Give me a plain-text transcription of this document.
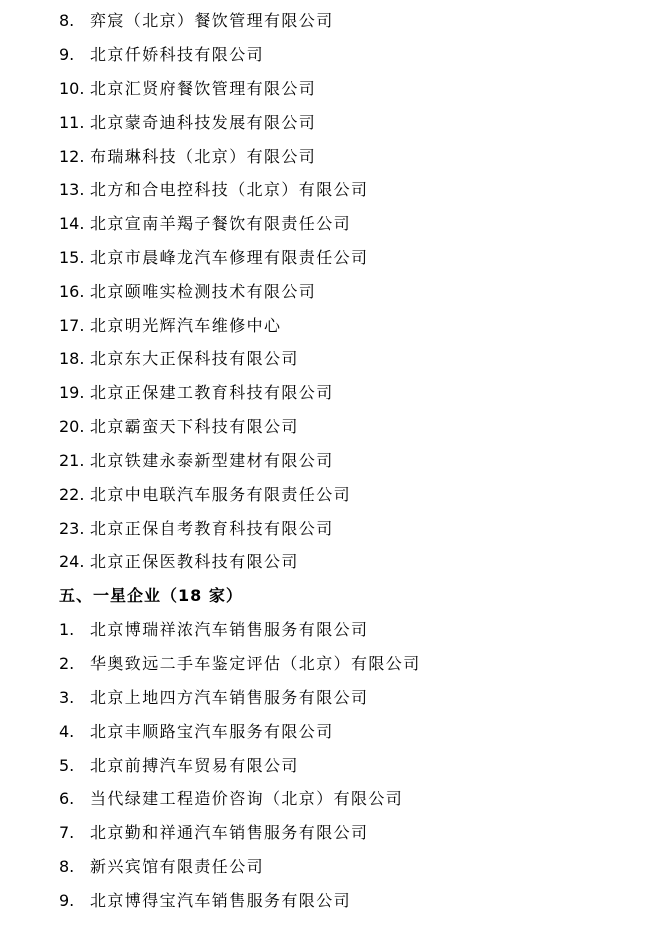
8. 弈宸（北京）餐饮管理有限公司
9. 北京仟娇科技有限公司
10. 北京汇贤府餐饮管理有限公司
11. 北京蒙奇迪科技发展有限公司
12. 布瑞琳科技（北京）有限公司
13. 北方和合电控科技（北京）有限公司
14. 北京宣南羊羯子餐饮有限责任公司
15. 北京市晨峰龙汽车修理有限责任公司
16. 北京颐唯实检测技术有限公司
17. 北京明光辉汽车维修中心
18. 北京东大正保科技有限公司
19. 北京正保建工教育科技有限公司
20. 北京霸蛮天下科技有限公司
21. 北京铁建永泰新型建材有限公司
22. 北京中电联汽车服务有限责任公司
23. 北京正保自考教育科技有限公司
24. 北京正保医教科技有限公司
五、一星企业（18 家）
1. 北京博瑞祥浓汽车销售服务有限公司
2. 华奥致远二手车鉴定评估（北京）有限公司
3. 北京上地四方汽车销售服务有限公司
4. 北京丰顺路宝汽车服务有限公司
5. 北京前搏汽车贸易有限公司
6. 当代绿建工程造价咨询（北京）有限公司
7. 北京勤和祥通汽车销售服务有限公司
8. 新兴宾馆有限责任公司
9. 北京博得宝汽车销售服务有限公司
